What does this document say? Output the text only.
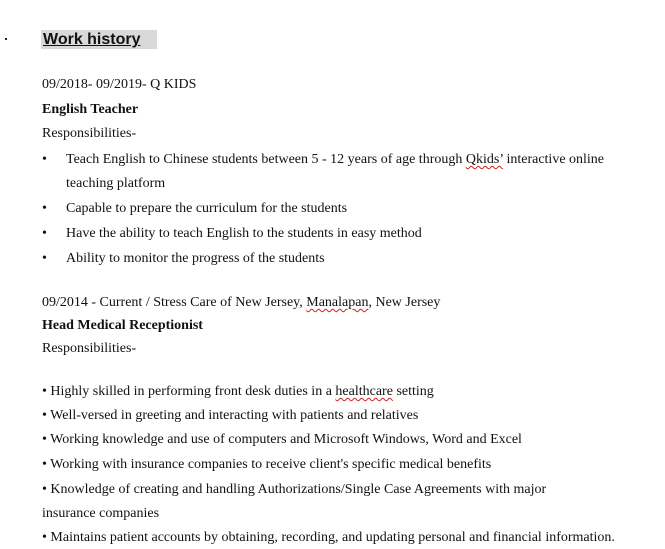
Work history
09/2018- 09/2019- Q KIDS
English Teacher
Responsibilities-
• Teach English to Chinese students between 5 - 12 years of age through Qkids’ interactive online
teaching platform
• Capable to prepare the curriculum for the students
• Have the ability to teach English to the students in easy method
• Ability to monitor the progress of the students
09/2014 - Current / Stress Care of New Jersey, Manalapan, New Jersey
Head Medical Receptionist
Responsibilities-
• Highly skilled in performing front desk duties in a healthcare setting
• Well-versed in greeting and interacting with patients and relatives
• Working knowledge and use of computers and Microsoft Windows, Word and Excel
• Working with insurance companies to receive client's specific medical benefits
• Knowledge of creating and handling Authorizations/Single Case Agreements with major
insurance companies
• Maintains patient accounts by obtaining, recording, and updating personal and financial information.
